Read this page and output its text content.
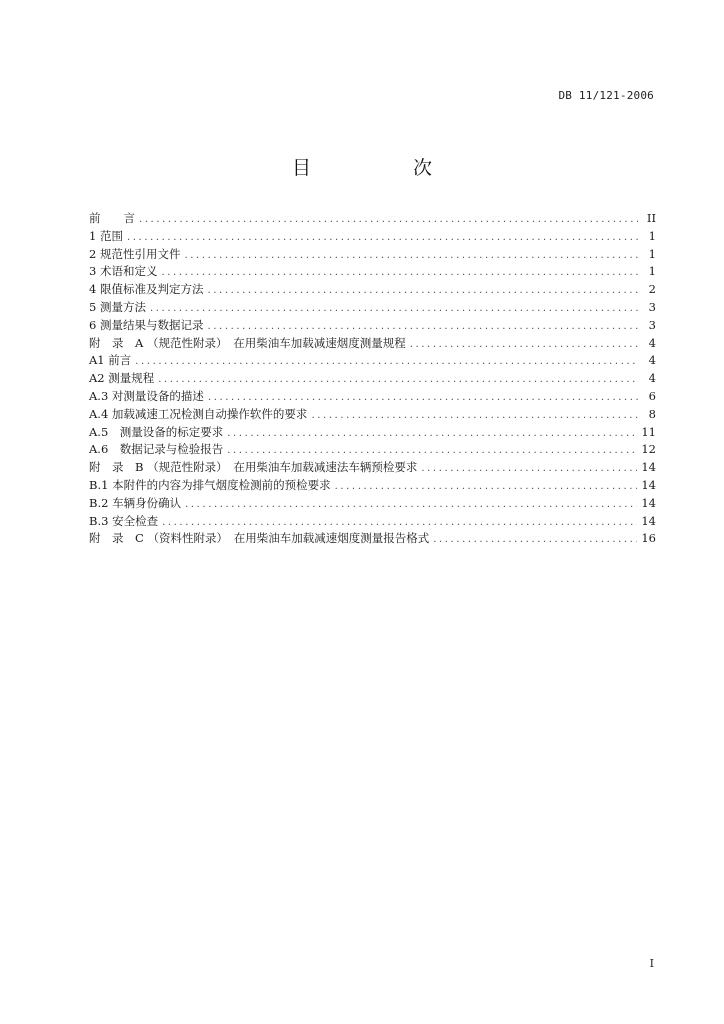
DB 11/121-2006
目 次
前　　言 .....	II
1 范围 .....	1
2 规范性引用文件 .....	1
3 术语和定义 .....	1
4 限值标准及判定方法 .....	2
5 测量方法 .....	3
6 测量结果与数据记录 .....	3
附　录　A （规范性附录）　在用柴油车加载减速烟度测量规程 .....	4
A1 前言 .....	4
A2 测量规程 .....	4
A.3 对测量设备的描述 .....	6
A.4 加载减速工况检测自动操作软件的要求 .....	8
A.5　测量设备的标定要求 .....	11
A.6　数据记录与检验报告 .....	12
附　录　B （规范性附录）　在用柴油车加载减速法车辆预检要求 .....	14
B.1 本附件的内容为排气烟度检测前的预检要求 .....	14
B.2 车辆身份确认 .....	14
B.3 安全检查 .....	14
附　录　C （资料性附录）　在用柴油车加载减速烟度测量报告格式 .....	16
I
